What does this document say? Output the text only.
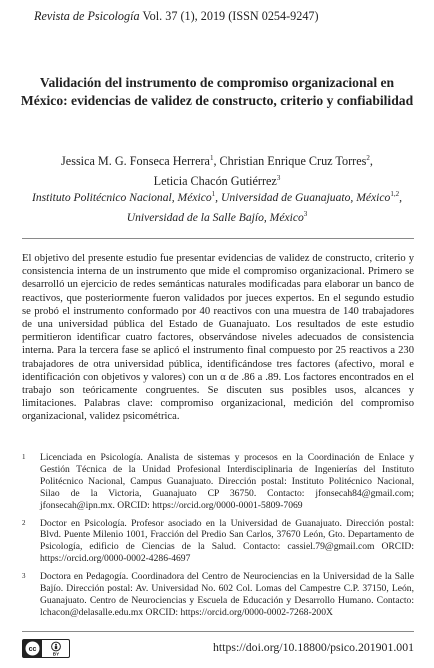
Revista de Psicología Vol. 37 (1), 2019 (ISSN 0254-9247)
Validación del instrumento de compromiso organizacional en México: evidencias de validez de constructo, criterio y confiabilidad
Jessica M. G. Fonseca Herrera$^1$, Christian Enrique Cruz Torres$^2$,
Leticia Chacón Gutiérrez$^3$
Instituto Politécnico Nacional, México$^1$, Universidad de Guanajuato, México$^{1,2}$,
Universidad de la Salle Bajío, México$^3$
El objetivo del presente estudio fue presentar evidencias de validez de constructo, criterio y consistencia interna de un instrumento que mide el compromiso organizacional. Primero se desarrolló un ejercicio de redes semánticas naturales modificadas para elaborar un banco de reactivos, que posteriormente fueron validados por jueces expertos. En el segundo estudio se probó el instrumento conformado por 40 reactivos con una muestra de 140 trabajadores de una universidad pública del Estado de Guanajuato. Los resultados de este estudio permitieron identificar cuatro factores, observándose niveles adecuados de consistencia interna. Para la tercera fase se aplicó el instrumento final compuesto por 25 reactivos a 230 trabajadores de otra universidad pública, identificándose tres factores (afectivo, moral e identificación con objetivos y valores) con un α de .86 a .89. Los factores encontrados en el trabajo son teóricamente congruentes. Se discuten sus posibles usos, alcances y limitaciones. Palabras clave: compromiso organizacional, medición del compromiso organizacional, validez psicométrica.
1	Licenciada en Psicología. Analista de sistemas y procesos en la Coordinación de Enlace y Gestión Técnica de la Unidad Profesional Interdisciplinaria de Ingenierías del Instituto Politécnico Nacional, Campus Guanajuato. Dirección postal: Instituto Politécnico Nacional, Silao de la Victoria, Guanajuato CP 36750. Contacto: jfonsecah84@gmail.com; jfonsecah@ipn.mx. ORCID: https://orcid.org/0000-0001-5809-7069
2	Doctor en Psicología. Profesor asociado en la Universidad de Guanajuato. Dirección postal: Blvd. Puente Milenio 1001, Fracción del Predio San Carlos, 37670 León, Gto. Departamento de Psicología, edificio de Ciencias de la Salud. Contacto: cassiel.79@gmail.com ORCID: https://orcid.org/0000-0002-4286-4697
3	Doctora en Pedagogía. Coordinadora del Centro de Neurociencias en la Universidad de la Salle Bajío. Dirección postal: Av. Universidad No. 602 Col. Lomas del Campestre C.P. 37150, León, Guanajuato. Centro de Neurociencias y Escuela de Educación y Desarrollo Humano. Contacto: lchacon@delasalle.edu.mx ORCID: https://orcid.org/0000-0002-7268-200X
cc
BY	https://doi.org/10.18800/psico.201901.001
